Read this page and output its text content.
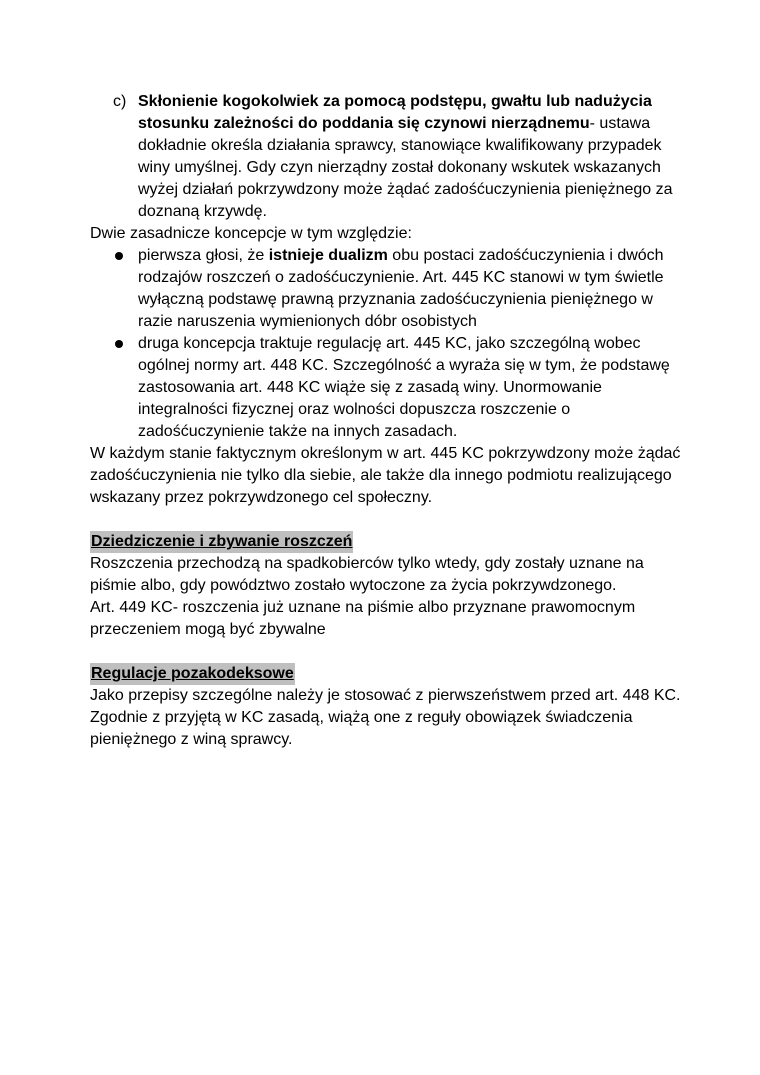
c) Skłonienie kogokolwiek za pomocą podstępu, gwałtu lub nadużycia stosunku zależności do poddania się czynowi nierządnemu- ustawa dokładnie określa działania sprawcy, stanowiące kwalifikowany przypadek winy umyślnej. Gdy czyn nierządny został dokonany wskutek wskazanych wyżej działań pokrzywdzony może żądać zadośćuczynienia pieniężnego za doznaną krzywdę.

Dwie zasadnicze koncepcje w tym względzie:

pierwsza głosi, że istnieje dualizm obu postaci zadośćuczynienia i dwóch rodzajów roszczeń o zadośćuczynienie. Art. 445 KC stanowi w tym świetle wyłączną podstawę prawną przyznania zadośćuczynienia pieniężnego w razie naruszenia wymienionych dóbr osobistych
druga koncepcja traktuje regulację art. 445 KC, jako szczególną wobec ogólnej normy art. 448 KC. Szczególność a wyraża się w tym, że podstawę zastosowania art. 448 KC wiąże się z zasadą winy. Unormowanie integralności fizycznej oraz wolności dopuszcza roszczenie o zadośćuczynienie także na innych zasadach.

W każdym stanie faktycznym określonym w art. 445 KC pokrzywdzony może żądać zadośćuczynienia nie tylko dla siebie, ale także dla innego podmiotu realizującego wskazany przez pokrzywdzonego cel społeczny.

Dziedziczenie i zbywanie roszczeń

Roszczenia przechodzą na spadkobierców tylko wtedy, gdy zostały uznane na piśmie albo, gdy powództwo zostało wytoczone za życia pokrzywdzonego.

Art. 449 KC- roszczenia już uznane na piśmie albo przyznane prawomocnym przeczeniem mogą być zbywalne

Regulacje pozakodeksowe

Jako przepisy szczególne należy je stosować z pierwszeństwem przed art. 448 KC. Zgodnie z przyjętą w KC zasadą, wiążą one z reguły obowiązek świadczenia pieniężnego z winą sprawcy.
